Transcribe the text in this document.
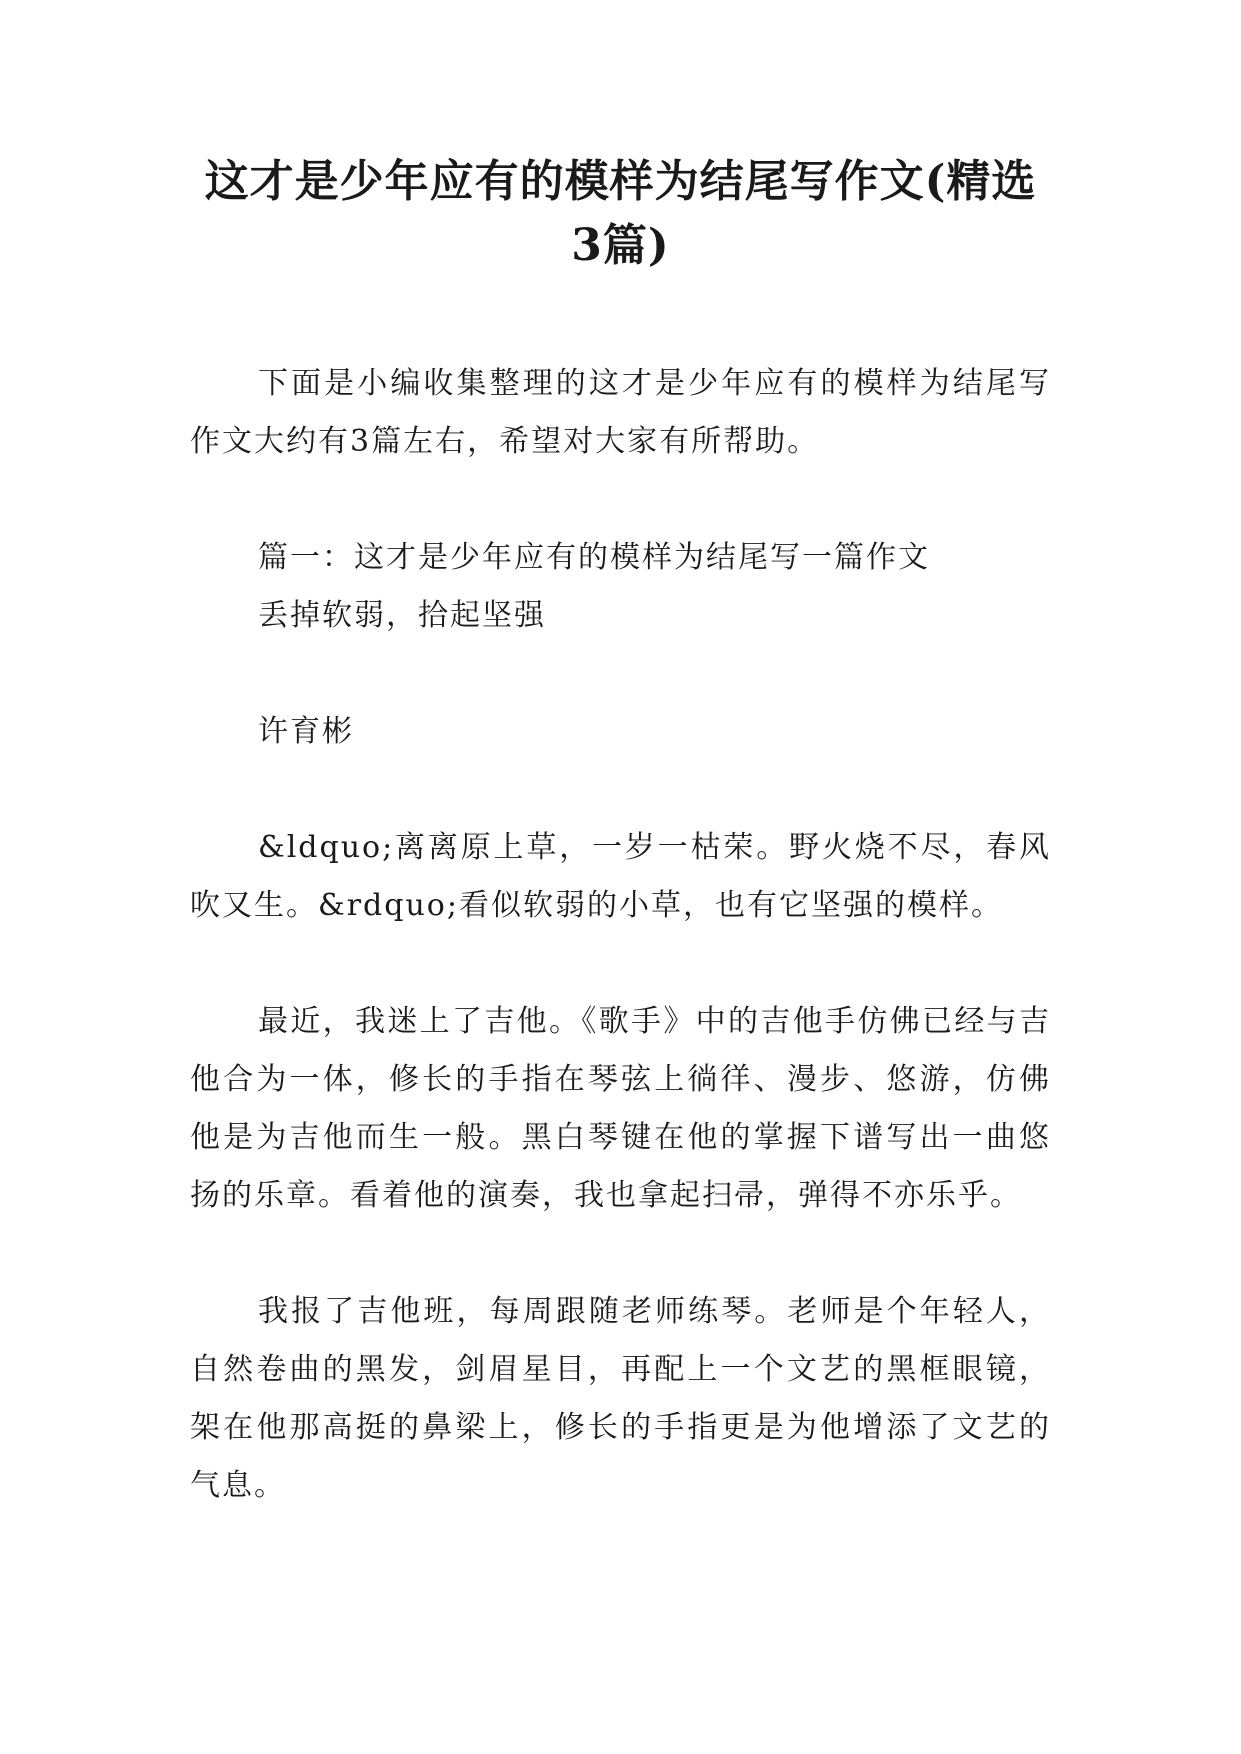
这才是少年应有的模样为结尾写作文(精选3篇)

下面是小编收集整理的这才是少年应有的模样为结尾写作文大约有3篇左右，希望对大家有所帮助。

篇一：这才是少年应有的模样为结尾写一篇作文

丢掉软弱，拾起坚强

许育彬

&ldquo;离离原上草，一岁一枯荣。野火烧不尽，春风吹又生。&rdquo;看似软弱的小草，也有它坚强的模样。

最近，我迷上了吉他。《歌手》中的吉他手仿佛已经与吉他合为一体，修长的手指在琴弦上徜徉、漫步、悠游，仿佛他是为吉他而生一般。黑白琴键在他的掌握下谱写出一曲悠扬的乐章。看着他的演奏，我也拿起扫帚，弹得不亦乐乎。

我报了吉他班，每周跟随老师练琴。老师是个年轻人，自然卷曲的黑发，剑眉星目，再配上一个文艺的黑框眼镜，架在他那高挺的鼻梁上，修长的手指更是为他增添了文艺的气息。
